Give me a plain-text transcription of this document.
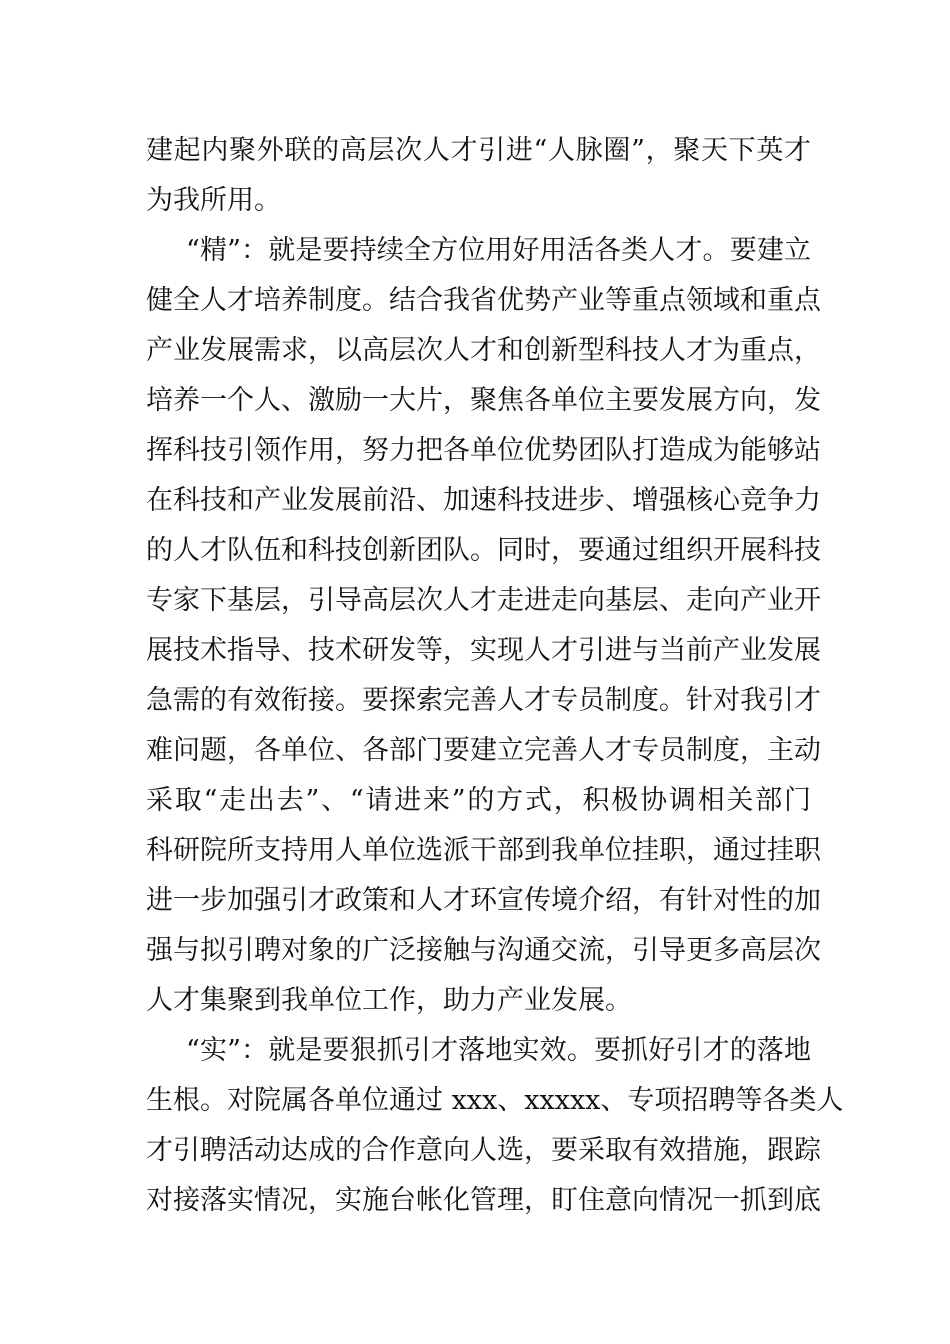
建起内聚外联的高层次人才引进“人脉圈”，聚天下英才
为我所用。
“精”：就是要持续全方位用好用活各类人才。要建立
健全人才培养制度。结合我省优势产业等重点领域和重点
产业发展需求，以高层次人才和创新型科技人才为重点，
培养一个人、激励一大片，聚焦各单位主要发展方向，发
挥科技引领作用，努力把各单位优势团队打造成为能够站
在科技和产业发展前沿、加速科技进步、增强核心竞争力
的人才队伍和科技创新团队。同时，要通过组织开展科技
专家下基层，引导高层次人才走进走向基层、走向产业开
展技术指导、技术研发等，实现人才引进与当前产业发展
急需的有效衔接。要探索完善人才专员制度。针对我引才
难问题，各单位、各部门要建立完善人才专员制度，主动
采取“走出去”、“请进来”的方式，积极协调相关部门
科研院所支持用人单位选派干部到我单位挂职，通过挂职
进一步加强引才政策和人才环宣传境介绍，有针对性的加
强与拟引聘对象的广泛接触与沟通交流，引导更多高层次
人才集聚到我单位工作，助力产业发展。
“实”：就是要狠抓引才落地实效。要抓好引才的落地
生根。对院属各单位通过 xxx、xxxxx、专项招聘等各类人
才引聘活动达成的合作意向人选，要采取有效措施，跟踪
对接落实情况，实施台帐化管理，盯住意向情况一抓到底
